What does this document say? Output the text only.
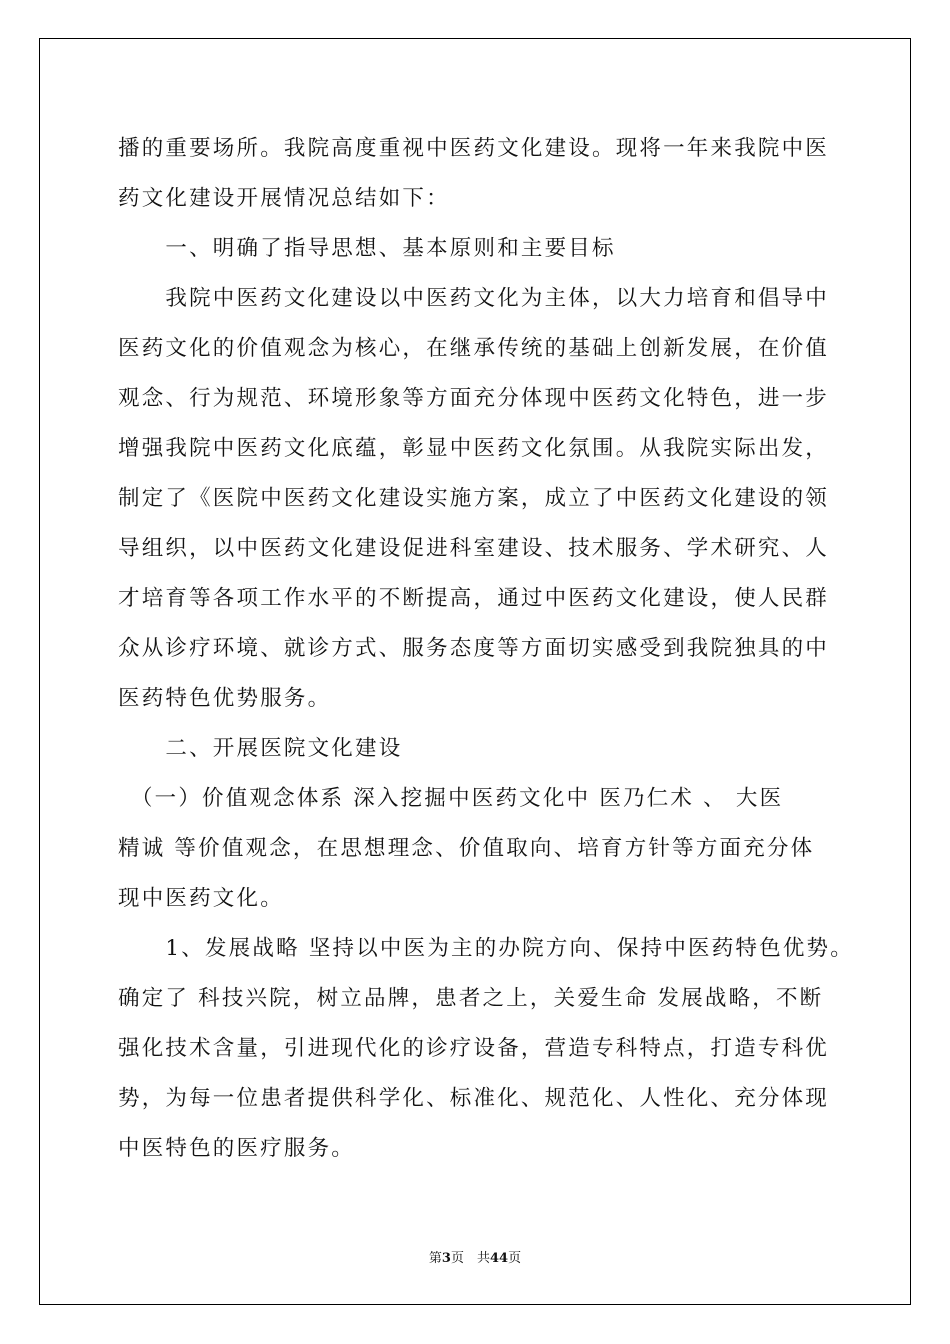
播的重要场所。我院高度重视中医药文化建设。现将一年来我院中医
药文化建设开展情况总结如下：
　　一、明确了指导思想、基本原则和主要目标
　　我院中医药文化建设以中医药文化为主体，以大力培育和倡导中
医药文化的价值观念为核心，在继承传统的基础上创新发展，在价值
观念、行为规范、环境形象等方面充分体现中医药文化特色，进一步
增强我院中医药文化底蕴，彰显中医药文化氛围。从我院实际出发，
制定了《医院中医药文化建设实施方案，成立了中医药文化建设的领
导组织，以中医药文化建设促进科室建设、技术服务、学术研究、人
才培育等各项工作水平的不断提高，通过中医药文化建设，使人民群
众从诊疗环境、就诊方式、服务态度等方面切实感受到我院独具的中
医药特色优势服务。
　　二、开展医院文化建设
　（一）价值观念体系 深入挖掘中医药文化中 医乃仁术 、 大医
精诚 等价值观念，在思想理念、价值取向、培育方针等方面充分体
现中医药文化。
　　1、发展战略 坚持以中医为主的办院方向、保持中医药特色优势。
确定了 科技兴院，树立品牌，患者之上，关爱生命 发展战略，不断
强化技术含量，引进现代化的诊疗设备，营造专科特点，打造专科优
势，为每一位患者提供科学化、标准化、规范化、人性化、充分体现
中医特色的医疗服务。
第3页　共44页
